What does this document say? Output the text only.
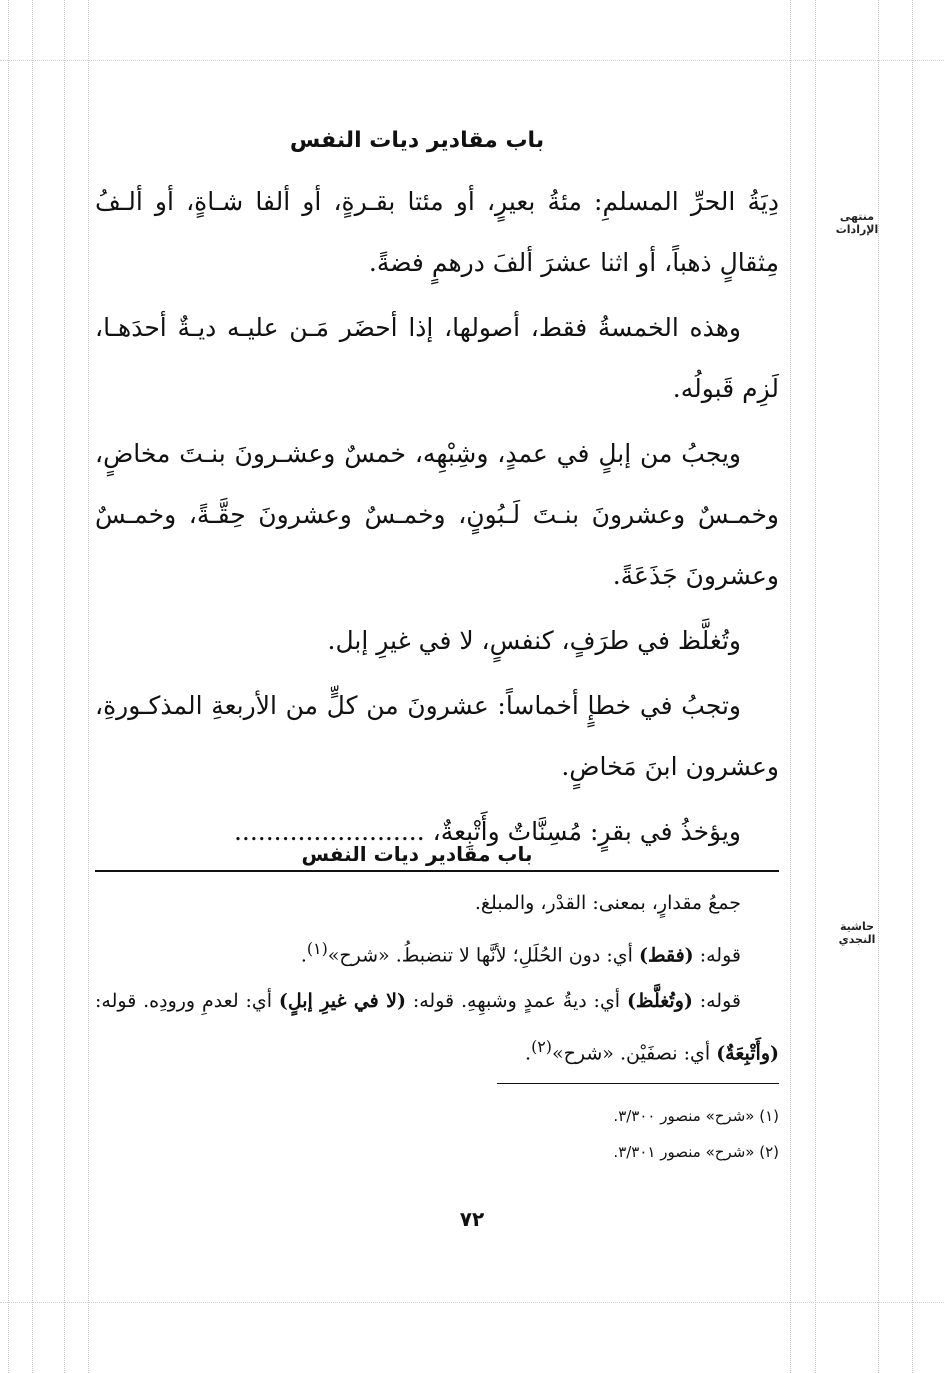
منتهى الإرادات
حاشية النجدي
باب مقادير ديات النفس

دِيَةُ الحرِّ المسلمِ: مئةُ بعيرٍ، أو مئتا بقـرةٍ، أو ألفا شـاةٍ، أو ألـفُ مِثقالٍ ذهباً، أو اثنا عشرَ ألفَ درهمٍ فضةً.

وهذه الخمسةُ فقط، أصولها، إذا أحضَر مَـن عليـه ديـةٌ أحدَهـا، لَزِم قَبولُه.

ويجبُ من إبلٍ في عمدٍ، وشِبْهِه، خمسٌ وعشـرونَ بنـتَ مخاضٍ، وخمـسٌ وعشرونَ بنـتَ لَـبُونٍ، وخمـسٌ وعشرونَ حِقَّـةً، وخمـسٌ وعشرونَ جَذَعَةً.

وتُغلَّظ في طرَفٍ، كنفسٍ، لا في غيرِ إبل.

وتجبُ في خطإٍ أخماساً: عشرونَ من كلٍّ من الأربعةِ المذكـورةِ، وعشرون ابنَ مَخاضٍ.

ويؤخذُ في بقرٍ: مُسِنَّاتٌ وأَتْبِعةٌ، ........................

باب مقادير ديات النفس

جمعُ مقدارٍ، بمعنى: القدْر، والمبلغ.

قوله: (فقط) أي: دون الحُلَلِ؛ لأنَّها لا تنضبطُ. «شرح»$^{(١)}$.

قوله: (وتُغلَّظ) أي: ديةُ عمدٍ وشبهِهِ. قوله: (لا في غيرِ إبلٍ) أي: لعدمِ ورودِه. قوله: (وأَتْبِعَةٌ) أي: نصفَيْن. «شرح»$^{(٢)}$.

(١) «شرح» منصور ٣/٣٠٠.

(٢) «شرح» منصور ٣/٣٠١.

٧٢
